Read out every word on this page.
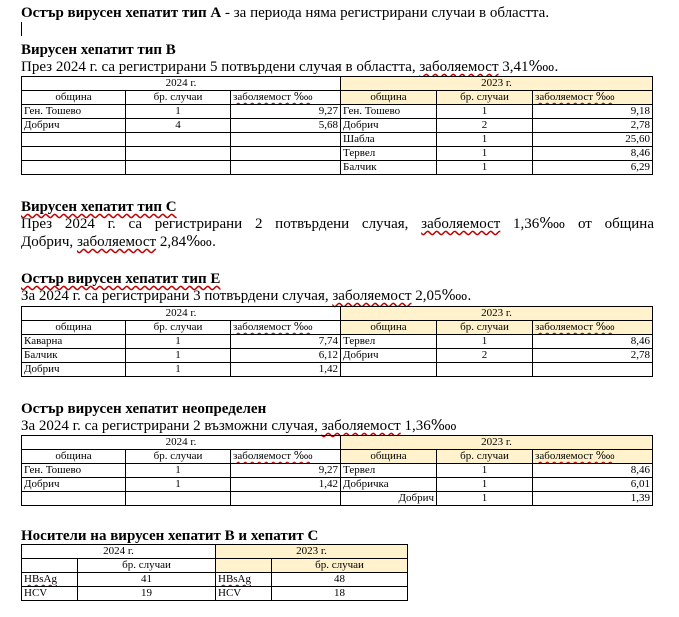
Остър вирусен хепатит тип А - за периода няма регистрирани случаи в областта.
Вирусен хепатит тип В
През 2024 г. са регистрирани 5 потвърдени случая в областта, заболяемост 3,41‱.
2024 г.			2023 г.		
община	бр. случаи	заболяемост ‱	община	бр. случаи	заболяемост ‱
Ген. Тошево	1	9,27	Ген. Тошево	1	9,18
Добрич	4	5,68	Добрич	2	2,78
			Шабла	1	25,60
			Тервел	1	8,46
			Балчик	1	6,29
Вирусен хепатит тип С
През 2024 г. са регистрирани 2 потвърдени случая, заболяемост 1,36‱ от община
Добрич, заболяемост 2,84‱.
Остър вирусен хепатит тип Е
За 2024 г. са регистрирани 3 потвърдени случая, заболяемост 2,05‱.
2024 г.			2023 г.		
община	бр. случаи	заболяемост ‱	община	бр. случаи	заболяемост ‱
Каварна	1	7,74	Тервел	1	8,46
Балчик	1	6,12	Добрич	2	2,78
Добрич	1	1,42			
Остър вирусен хепатит неопределен
За 2024 г. са регистрирани 2 възможни случая, заболяемост 1,36‱
2024 г.			2023 г.		
община	бр. случаи	заболяемост ‱	община	бр. случаи	заболяемост ‱
Ген. Тошево	1	9,27	Тервел	1	8,46
Добрич	1	1,42	Добричка	1	6,01
			Добрич	1	1,39
Носители на вирусен хепатит В и хепатит С
2024 г.		2023 г.	
	бр. случаи		бр. случаи
HBsAg	41	HBsAg	48
HCV	19	HCV	18
